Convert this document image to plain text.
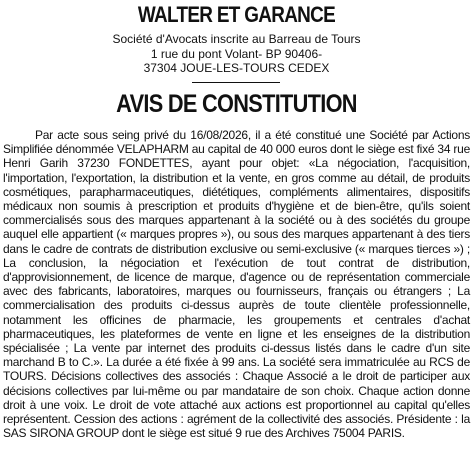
WALTER ET GARANCE
Société d'Avocats inscrite au Barreau de Tours
1 rue du pont Volant- BP 90406-
37304 JOUE-LES-TOURS CEDEX
AVIS DE CONSTITUTION

Par acte sous seing privé du 16/08/2026, il a été constitué une Société par Actions Simplifiée dénommée VELAPHARM au capital de 40 000 euros dont le siège est fixé 34 rue Henri Garih 37230 FONDETTES, ayant pour objet: «La négociation, l'acquisition, l'importation, l'exportation, la distribution et la vente, en gros comme au détail, de produits cosmétiques, parapharmaceutiques, diététiques, compléments alimentaires, dispositifs médicaux non soumis à prescription et produits d'hygiène et de bien-être, qu'ils soient commercialisés sous des marques appartenant à la société ou à des sociétés du groupe auquel elle appartient (« marques propres »), ou sous des marques appartenant à des tiers dans le cadre de contrats de distribution exclusive ou semi-exclusive (« marques tierces ») ; La conclusion, la négociation et l'exécution de tout contrat de distribution, d'approvisionnement, de licence de marque, d'agence ou de représentation commerciale avec des fabricants, laboratoires, marques ou fournisseurs, français ou étrangers ; La commercialisation des produits ci-dessus auprès de toute clientèle professionnelle, notamment les officines de pharmacie, les groupements et centrales d'achat pharmaceutiques, les plateformes de vente en ligne et les enseignes de la distribution spécialisée ; La vente par internet des produits ci-dessus listés dans le cadre d'un site marchand B to C.». La durée a été fixée à 99 ans. La société sera immatriculée au RCS de TOURS. Décisions collectives des associés : Chaque Associé a le droit de participer aux décisions collectives par lui-même ou par mandataire de son choix. Chaque action donne droit à une voix. Le droit de vote attaché aux actions est proportionnel au capital qu'elles représentent. Cession des actions : agrément de la collectivité des associés. Présidente : la SAS SIRONA GROUP dont le siège est situé 9 rue des Archives 75004 PARIS.
